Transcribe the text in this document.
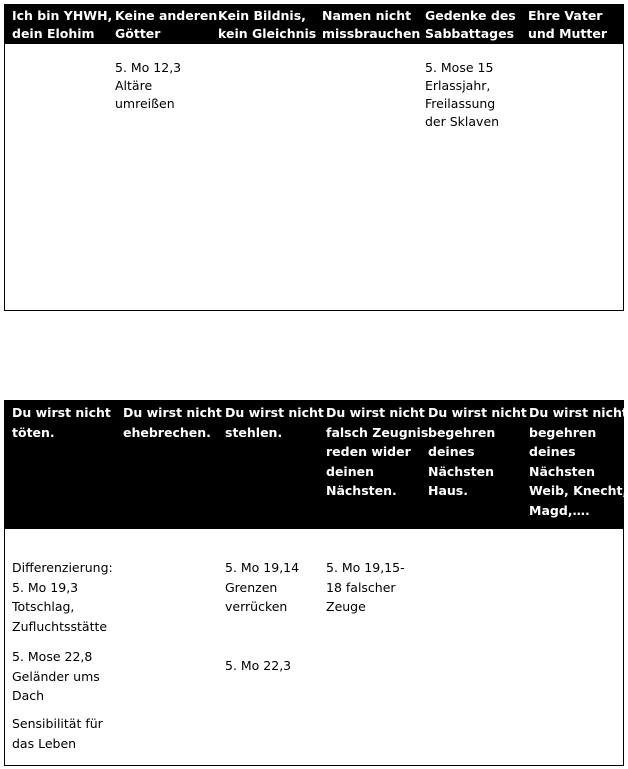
Ich bin YHWH,
dein Elohim
Keine anderen
Götter
Kein Bildnis,
kein Gleichnis
Namen nicht
missbrauchen
Gedenke des
Sabbattages
Ehre Vater
und Mutter
5. Mo 12,3
Altäre
umreißen
5. Mose 15
Erlassjahr,
Freilassung
der Sklaven
Du wirst nicht
töten.
Du wirst nicht
ehebrechen.
Du wirst nicht
stehlen.
Du wirst nicht
falsch Zeugnis
reden wider
deinen
Nächsten.
Du wirst nicht
begehren
deines
Nächsten
Haus.
Du wirst nicht
begehren
deines
Nächsten
Weib, Knecht,
Magd,….
Differenzierung:
5. Mo 19,3
Totschlag,
Zufluchtsstätte
5. Mose 22,8
Geländer ums
Dach
Sensibilität für
das Leben
5. Mo 19,14
Grenzen
verrücken
5. Mo 22,3
5. Mo 19,15-
18 falscher
Zeuge
